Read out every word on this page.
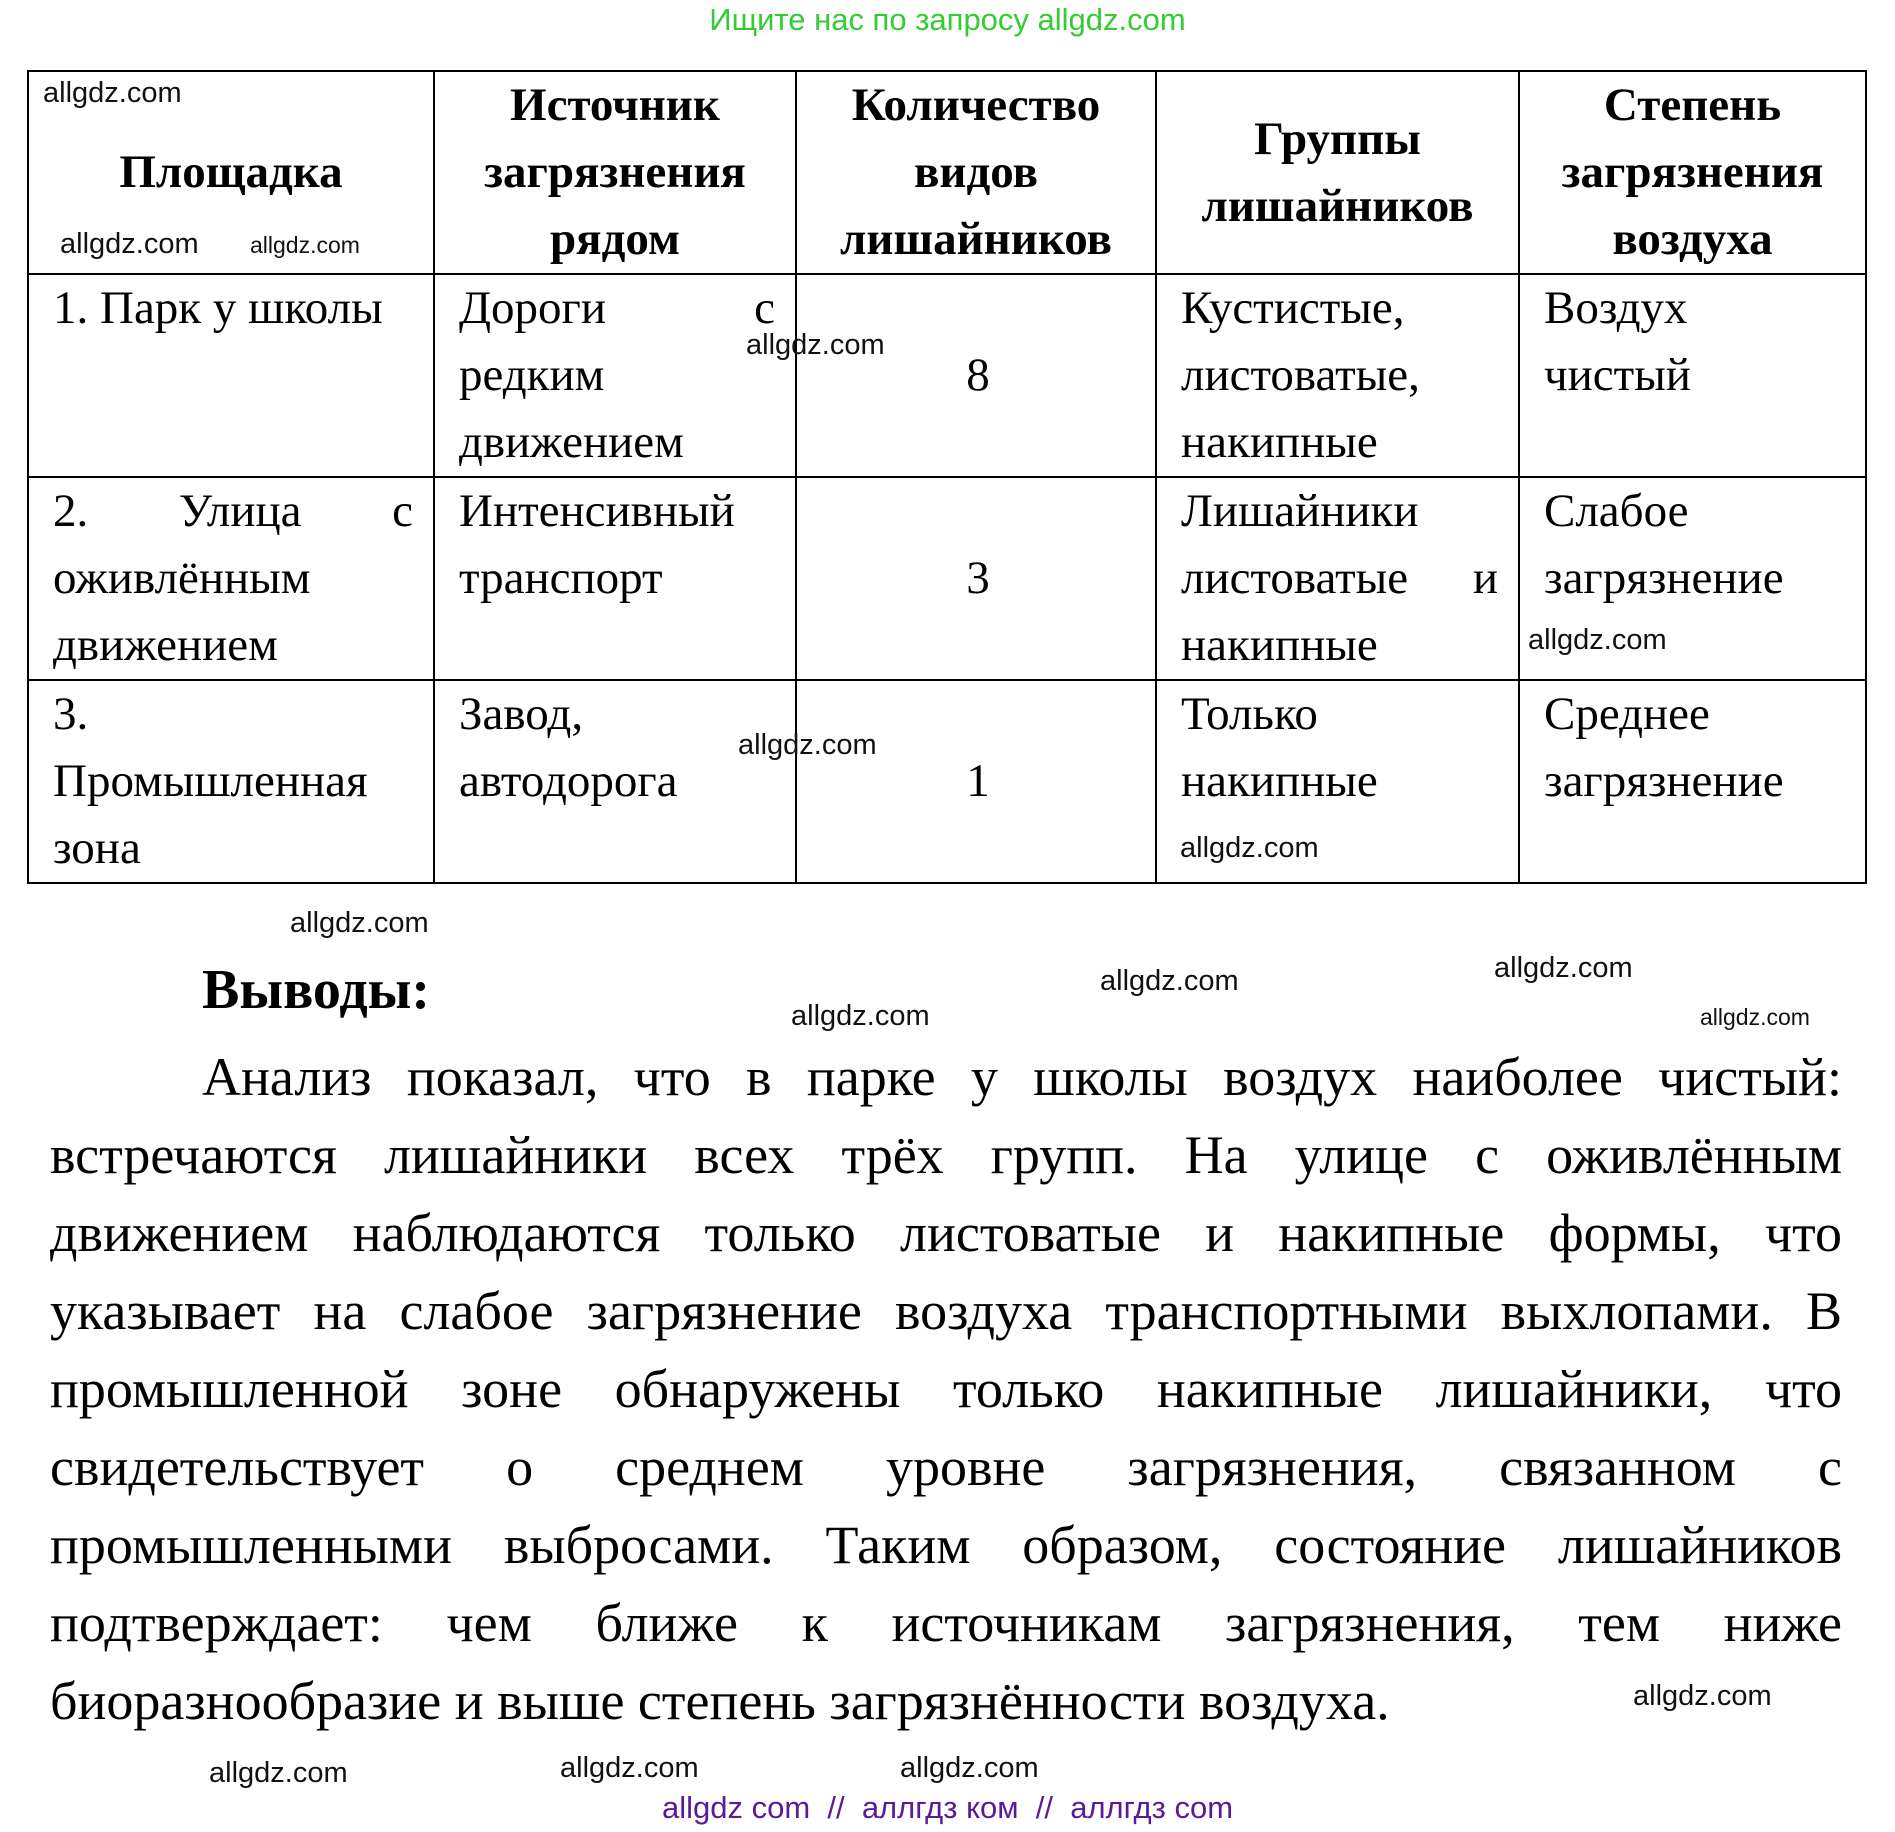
Ищите нас по запросу allgdz.com
Площадка	Источник загрязнения рядом	Количество видов лишайников	Группы лишайников	Степень загрязнения воздуха
1. Парк у школы	Дороги с редким движением	8	Кустистые, листоватые, накипные	Воздух чистый
2. Улица с оживлённым движением	Интенсивный транспорт	3	Лишайники листоватые и накипные	Слабое загрязнение
3. Промышленная зона	Завод, автодорога	1	Только накипные	Среднее загрязнение
Выводы:
Анализ показал, что в парке у школы воздух наиболее чистый: встречаются лишайники всех трёх групп. На улице с оживлённым движением наблюдаются только листоватые и накипные формы, что указывает на слабое загрязнение воздуха транспортными выхлопами. В промышленной зоне обнаружены только накипные лишайники, что свидетельствует о среднем уровне загрязнения, связанном с промышленными выбросами. Таким образом, состояние лишайников подтверждает: чем ближе к источникам загрязнения, тем ниже биоразнообразие и выше степень загрязнённости воздуха.
allgdz.com
allgdz.com
allgdz.com
allgdz.com
allgdz.com
allgdz.com
allgdz.com
allgdz.com
allgdz.com
allgdz.com
allgdz.com
allgdz.com
allgdz.com
allgdz.com
allgdz.com
allgdz.com
allgdz com  //  аллгдз ком  //  аллгдз com
